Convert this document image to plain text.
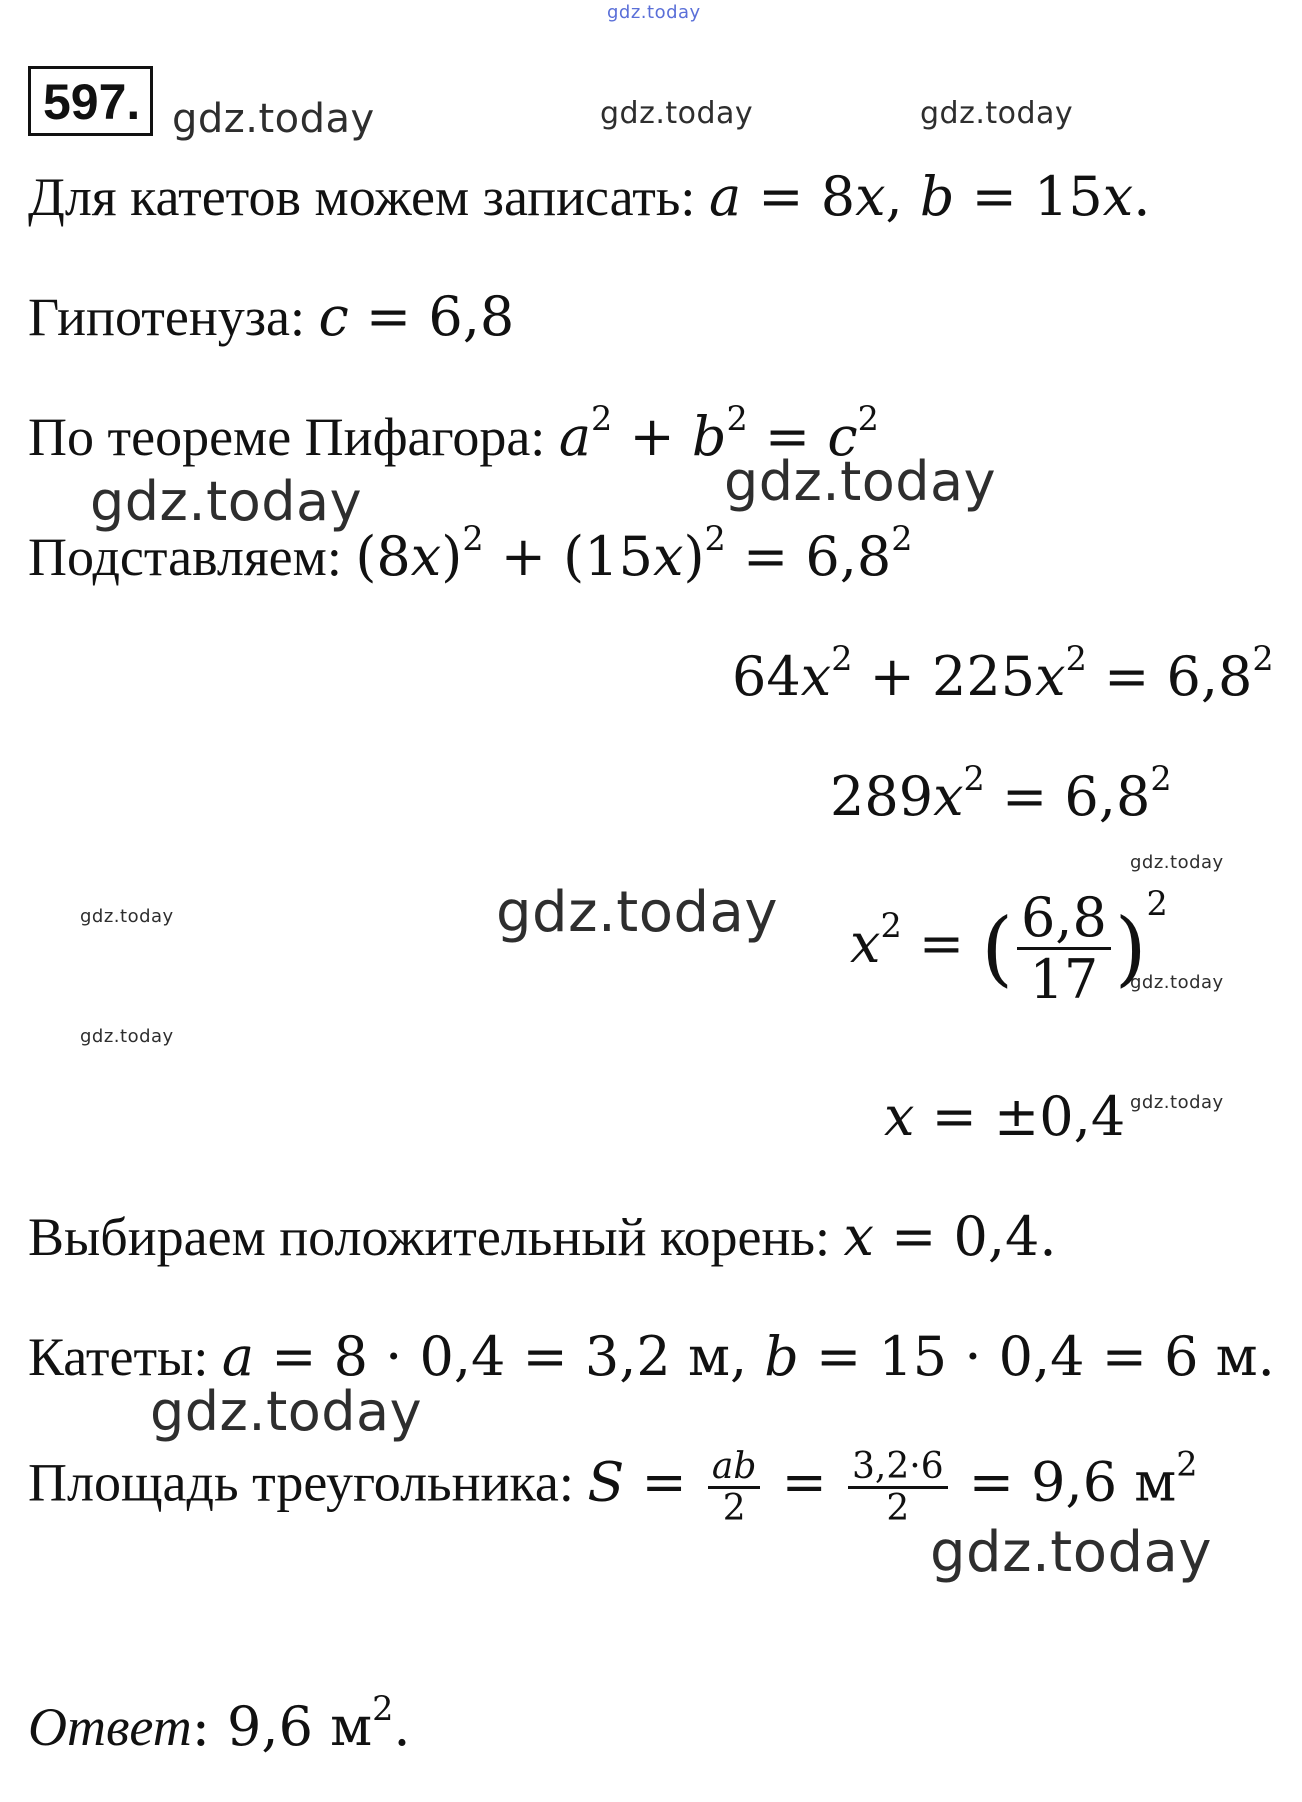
gdz.today
gdz.today	gdz.today	gdz.today
gdz.today	gdz.today
gdz.today
gdz.today	gdz.today
gdz.today
gdz.today
gdz.today
gdz.today
gdz.today
597.
Для катетов можем записать: a = 8x, b = 15x.
Гипотенуза: c = 6,8
По теореме Пифагора: $a^2 + b^2 = c^2$
Подставляем: $(8x)^2 + (15x)^2 = 6,8^2$
$64x^2 + 225x^2 = 6,8^2$
$289x^2 = 6,8^2$
$x^2$ = ( $\frac{6,8}{17} )^2$
x = ±0,4
Выбираем положительный корень: x = 0,4.
Катеты: a = 8 · 0,4 = 3,2 м, b = 15 · 0,4 = 6 м.
Площадь треугольника: $S = \frac{ab}{2} = \frac{3,2\cdot 6}{2} = 9,6$ $м^2$
Ответ: 9,6 $м^2$.
